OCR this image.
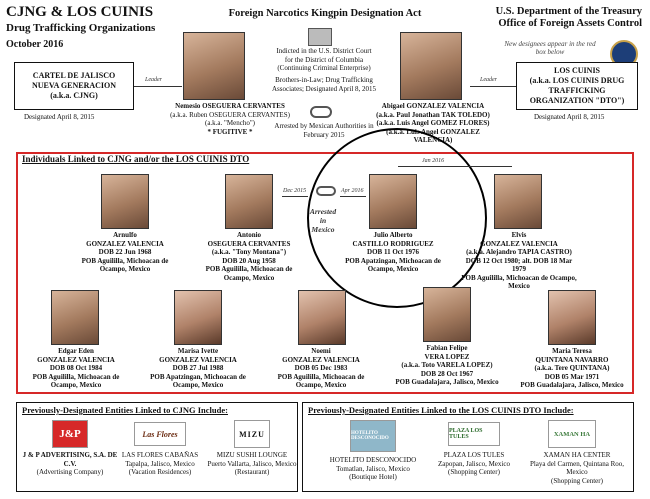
CJNG & LOS CUINIS
Drug Trafficking Organizations
October 2016
Foreign Narcotics Kingpin Designation Act	U.S. Department of the Treasury
Office of Foreign Assets Control
New designees appear in the red box below
CARTEL DE JALISCO
NUEVA GENERACION
(a.k.a. CJNG)
Designated April 8, 2015
LOS CUINIS
(a.k.a. LOS CUINIS DRUG
TRAFFICKING
ORGANIZATION "DTO")
Designated April 8, 2015
Leader	Leader
Nemesio OSEGUERA CERVANTES
(a.k.a. Ruben OSEGUERA CERVANTES)
(a.k.a. "Mencho")
* FUGITIVE *
Indicted in the U.S. District Court for the District of Columbia (Continuing Criminal Enterprise)
Brothers-in-Law; Drug Trafficking Associates; Designated April 8, 2015
Arrested by Mexican Authorities in February 2015
Abigael GONZALEZ VALENCIA
(a.k.a. Paul Jonathan TAK TOLEDO)
(a.k.a. Luis Angel GOMEZ FLORES)
(a.k.a. Luis Angel GONZALEZ VALENCIA)
Individuals Linked to CJNG and/or the LOS CUINIS DTO
Dec 2015	Apr 2016
Arrested in Mexico
Jan 2016
Arnulfo
GONZALEZ VALENCIA
DOB 22 Jun 1968
POB Aguililla, Michoacan de Ocampo, Mexico
Antonio
OSEGUERA CERVANTES
(a.k.a. "Tony Montana")
DOB 20 Aug 1958
POB Aguililla, Michoacan de Ocampo, Mexico
Julio Alberto
CASTILLO RODRIGUEZ
DOB 11 Oct 1976
POB Apatzingan, Michoacan de Ocampo, Mexico
Elvis
GONZALEZ VALENCIA
(a.k.a. Alejandro TAPIA CASTRO)
DOB 12 Oct 1980; alt. DOB 18 Mar 1979
POB Aguililla, Michoacan de Ocampo, Mexico
Edgar Eden
GONZALEZ VALENCIA
DOB 08 Oct 1984
POB Aguililla, Michoacan de Ocampo, Mexico
Marisa Ivette
GONZALEZ VALENCIA
DOB 27 Jul 1988
POB Apatzingan, Michoacan de Ocampo, Mexico
Noemi
GONZALEZ VALENCIA
DOB 05 Dec 1983
POB Aguililla, Michoacan de Ocampo, Mexico
Fabian Felipe
VERA LOPEZ
(a.k.a. Toto VARELA LOPEZ)
DOB 28 Oct 1967
POB Guadalajara, Jalisco, Mexico
Maria Teresa
QUINTANA NAVARRO
(a.k.a. Tere QUINTANA)
DOB 05 Mar 1971
POB Guadalajara, Jalisco, Mexico
Previously-Designated Entities Linked to CJNG Include:	Previously-Designated Entities Linked to the LOS CUINIS DTO Include:
J&P
J & P ADVERTISING, S.A. DE C.V.
(Advertising Company)
Las Flores
LAS FLORES CABAÑAS
Tapalpa, Jalisco, Mexico
(Vacation Residences)
MIZU
MIZU SUSHI LOUNGE
Puerto Vallarta, Jalisco, Mexico
(Restaurant)
HOTELITO DESCONOCIDO
HOTELITO DESCONOCIDO
Tomatlan, Jalisco, Mexico
(Boutique Hotel)
PLAZA LOS TULES
PLAZA LOS TULES
Zapopan, Jalisco, Mexico
(Shopping Center)
XAMAN HA
XAMAN HA CENTER
Playa del Carmen, Quintana Roo, Mexico
(Shopping Center)
